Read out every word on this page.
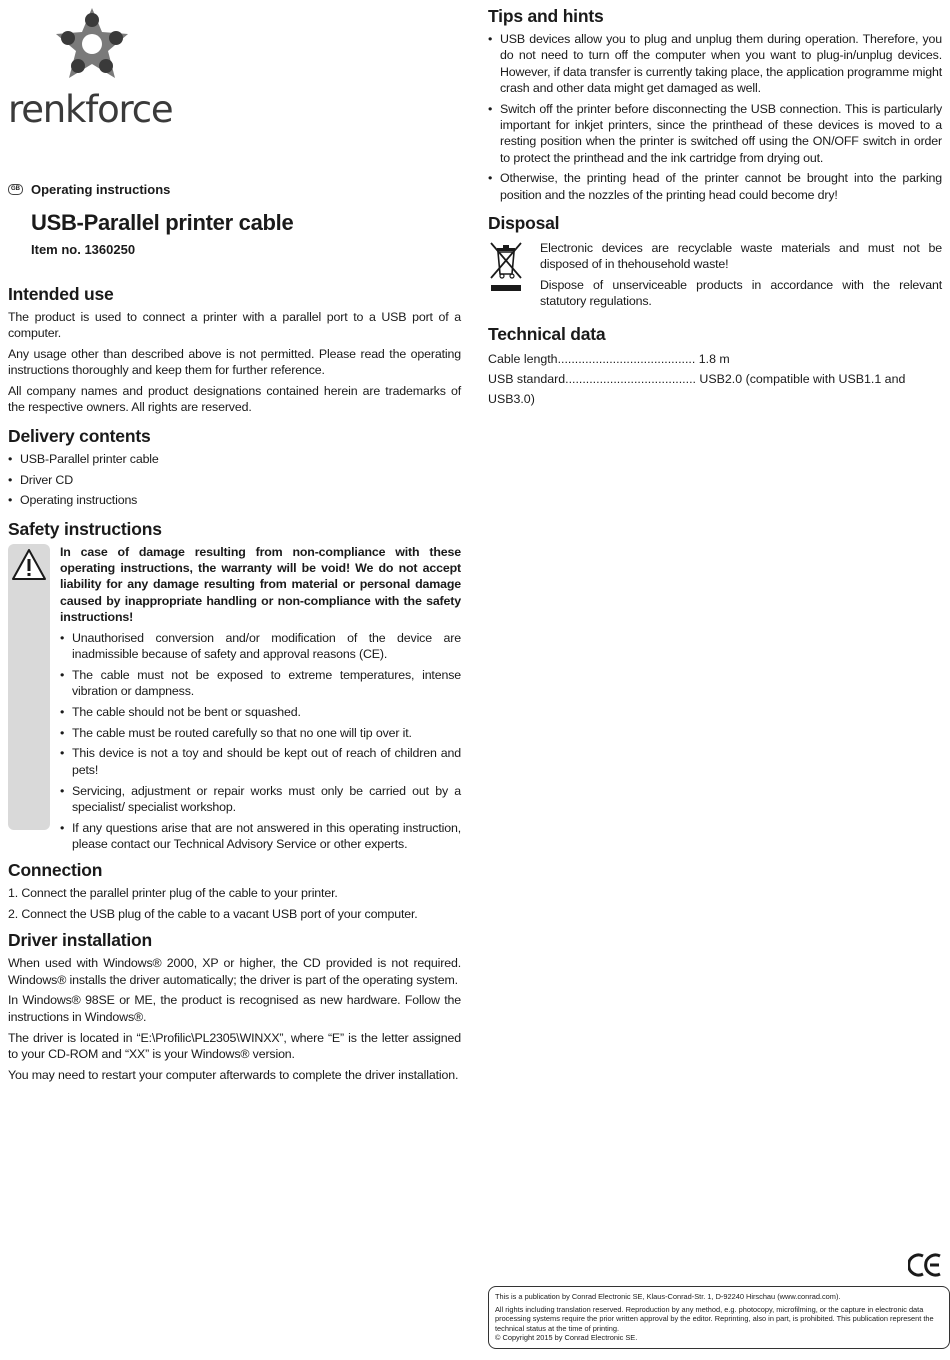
renkforce
GB Operating instructions
USB-Parallel printer cable
Item no. 1360250
Intended use

The product is used to connect a printer with a parallel port to a USB port of a computer.

Any usage other than described above is not permitted. Please read the operating instructions thoroughly and keep them for further reference.

All company names and product designations contained herein are trademarks of the respective owners. All rights are reserved.

Delivery contents
• USB-Parallel printer cable
• Driver CD
• Operating instructions
Safety instructions

In case of damage resulting from non-compliance with these operating instructions, the warranty will be void! We do not accept liability for any damage resulting from material or personal damage caused by inappropriate handling or non-compliance with the safety instructions!

• Unauthorised conversion and/or modification of the device are inadmissible because of safety and approval reasons (CE).
• The cable must not be exposed to extreme temperatures, intense vibration or dampness.
• The cable should not be bent or squashed.
• The cable must be routed carefully so that no one will tip over it.
• This device is not a toy and should be kept out of reach of children and pets!
• Servicing, adjustment or repair works must only be carried out by a specialist/ specialist workshop.
• If any questions arise that are not answered in this operating instruction, please contact our Technical Advisory Service or other experts.
Connection
1. Connect the parallel printer plug of the cable to your printer.
2. Connect the USB plug of the cable to a vacant USB port of your computer.
Driver installation

When used with Windows® 2000, XP or higher, the CD provided is not required. Windows® installs the driver automatically; the driver is part of the operating system.

In Windows® 98SE or ME, the product is recognised as new hardware. Follow the instructions in Windows®.

The driver is located in “E:\Profilic\PL2305\WINXX”, where “E” is the letter assigned to your CD-ROM and “XX” is your Windows® version.

You may need to restart your computer afterwards to complete the driver installation.

Tips and hints
• USB devices allow you to plug and unplug them during operation. Therefore, you do not need to turn off the computer when you want to plug-in/unplug devices. However, if data transfer is currently taking place, the application programme might crash and other data might get damaged as well.
• Switch off the printer before disconnecting the USB connection. This is particularly important for inkjet printers, since the printhead of these devices is moved to a resting position when the printer is switched off using the ON/OFF switch in order to protect the printhead and the ink cartridge from drying out.
• Otherwise, the printing head of the printer cannot be brought into the parking position and the nozzles of the printing head could become dry!
Disposal

Electronic devices are recyclable waste materials and must not be disposed of in thehousehold waste!

Dispose of unserviceable products in accordance with the relevant statutory regulations.

Technical data
Cable length........................................ 1.8 m
USB standard...................................... USB2.0 (compatible with USB1.1 and USB3.0)
CE
This is a publication by Conrad Electronic SE, Klaus-Conrad-Str. 1, D-92240 Hirschau (www.conrad.com).
All rights including translation reserved. Reproduction by any method, e.g. photocopy, microfilming, or the capture in electronic data processing systems require the prior written approval by the editor. Reprinting, also in part, is prohibited. This publication represent the technical status at the time of printing.
© Copyright 2015 by Conrad Electronic SE.
